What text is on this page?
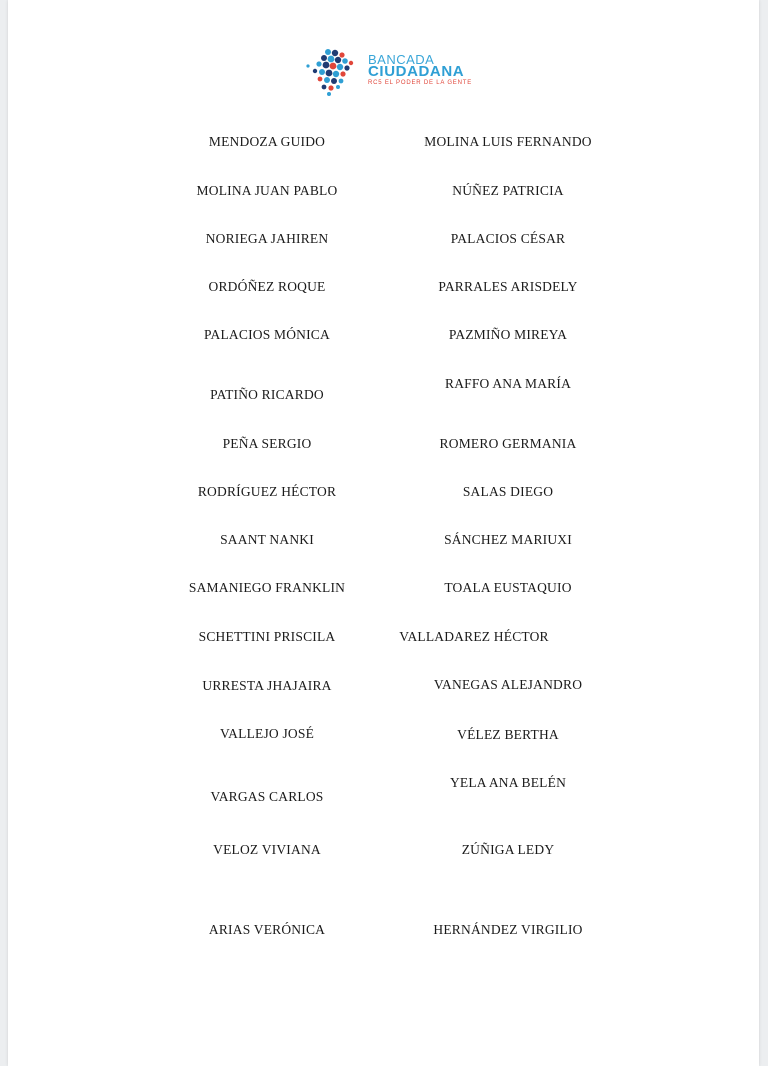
BANCADA
CIUDADANA
RC5 EL PODER DE LA GENTE
MENDOZA GUIDO
MOLINA JUAN PABLO
NORIEGA JAHIREN
ORDÓÑEZ ROQUE
PALACIOS MÓNICA
PATIÑO RICARDO
PEÑA SERGIO
RODRÍGUEZ HÉCTOR
SAANT NANKI
SAMANIEGO FRANKLIN
SCHETTINI PRISCILA
URRESTA JHAJAIRA
VALLEJO JOSÉ
VARGAS CARLOS
VELOZ VIVIANA
ARIAS VERÓNICA
MOLINA LUIS FERNANDO
NÚÑEZ PATRICIA
PALACIOS CÉSAR
PARRALES ARISDELY
PAZMIÑO MIREYA
RAFFO ANA MARÍA
ROMERO GERMANIA
SALAS DIEGO
SÁNCHEZ MARIUXI
TOALA EUSTAQUIO
VALLADAREZ HÉCTOR
VANEGAS ALEJANDRO
VÉLEZ BERTHA
YELA ANA BELÉN
ZÚÑIGA LEDY
HERNÁNDEZ VIRGILIO
